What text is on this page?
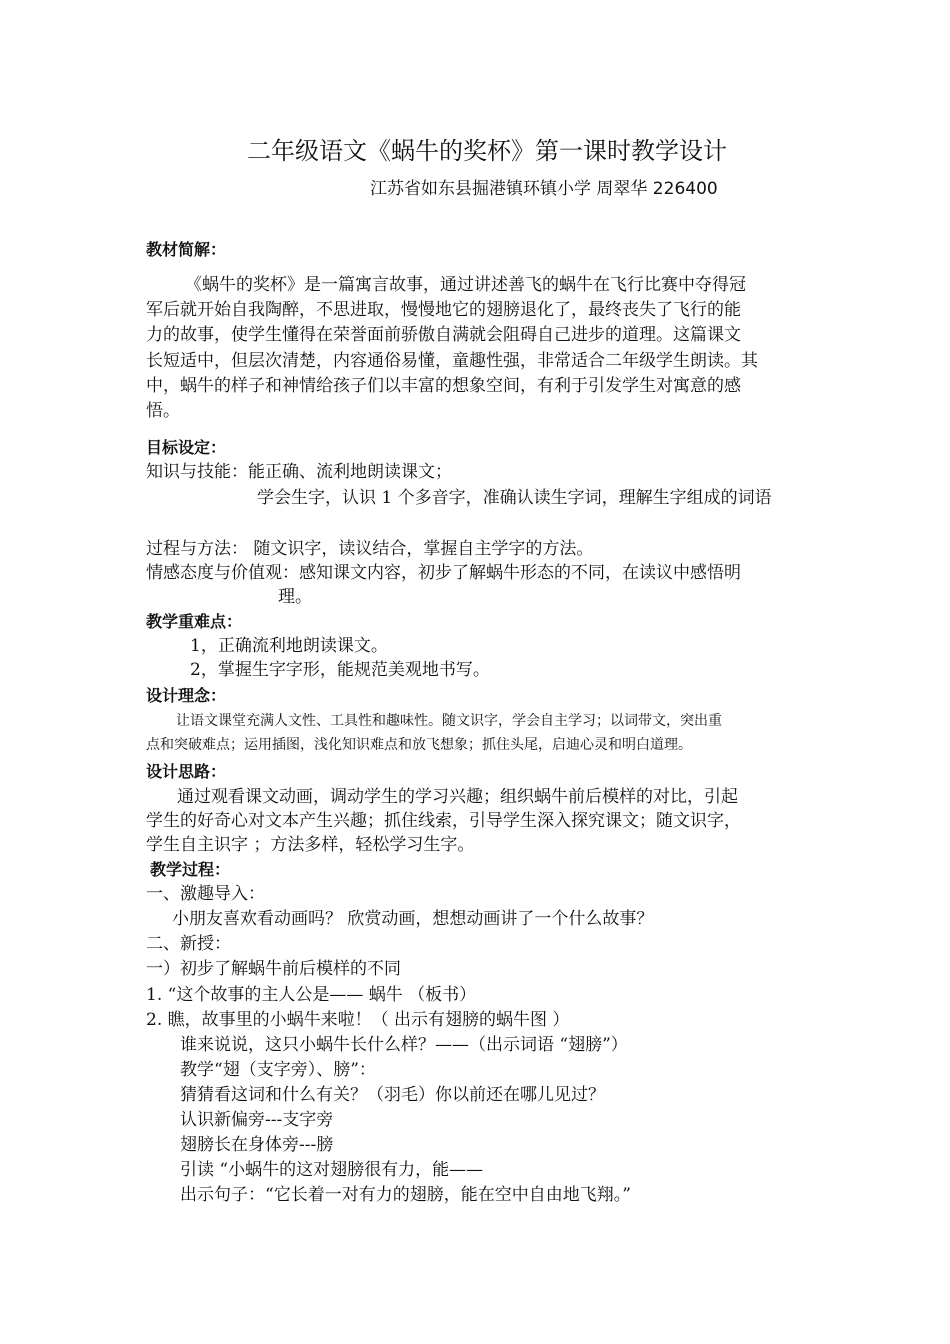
二年级语文《蜗牛的奖杯》第一课时教学设计
江苏省如东县掘港镇环镇小学 周翠华 226400
教材简解：
《蜗牛的奖杯》是一篇寓言故事，通过讲述善飞的蜗牛在飞行比赛中夺得冠
军后就开始自我陶醉，不思进取，慢慢地它的翅膀退化了，最终丧失了飞行的能
力的故事，使学生懂得在荣誉面前骄傲自满就会阻碍自己进步的道理。这篇课文
长短适中，但层次清楚，内容通俗易懂，童趣性强，非常适合二年级学生朗读。其
中，蜗牛的样子和神情给孩子们以丰富的想象空间，有利于引发学生对寓意的感
悟。
目标设定：
知识与技能：能正确、流利地朗读课文；
学会生字，认识 1 个多音字，准确认读生字词，理解生字组成的词语
过程与方法： 随文识字，读议结合，掌握自主学字的方法。
情感态度与价值观：感知课文内容，初步了解蜗牛形态的不同，在读议中感悟明
理。
教学重难点：
1，正确流利地朗读课文。
2，掌握生字字形，能规范美观地书写。
设计理念：
让语文课堂充满人文性、工具性和趣味性。随文识字，学会自主学习；以词带文，突出重
点和突破难点；运用插图，浅化知识难点和放飞想象；抓住头尾，启迪心灵和明白道理。
设计思路：
通过观看课文动画，调动学生的学习兴趣；组织蜗牛前后模样的对比，引起
学生的好奇心对文本产生兴趣；抓住线索，引导学生深入探究课文；随文识字，
学生自主识字 ；方法多样，轻松学习生字。
教学过程：
一、激趣导入：
小朋友喜欢看动画吗？ 欣赏动画，想想动画讲了一个什么故事？
二、新授：
一）初步了解蜗牛前后模样的不同
1. “这个故事的主人公是—— 蜗牛 （板书）
2. 瞧，故事里的小蜗牛来啦！（ 出示有翅膀的蜗牛图 ）
谁来说说，这只小蜗牛长什么样？——（出示词语 “翅膀”）
教学“翅（支字旁）、膀”：
猜猜看这词和什么有关？（羽毛）你以前还在哪儿见过？
认识新偏旁---支字旁
翅膀长在身体旁---膀
引读 “小蜗牛的这对翅膀很有力，能——
出示句子：“它长着一对有力的翅膀，能在空中自由地飞翔。”
